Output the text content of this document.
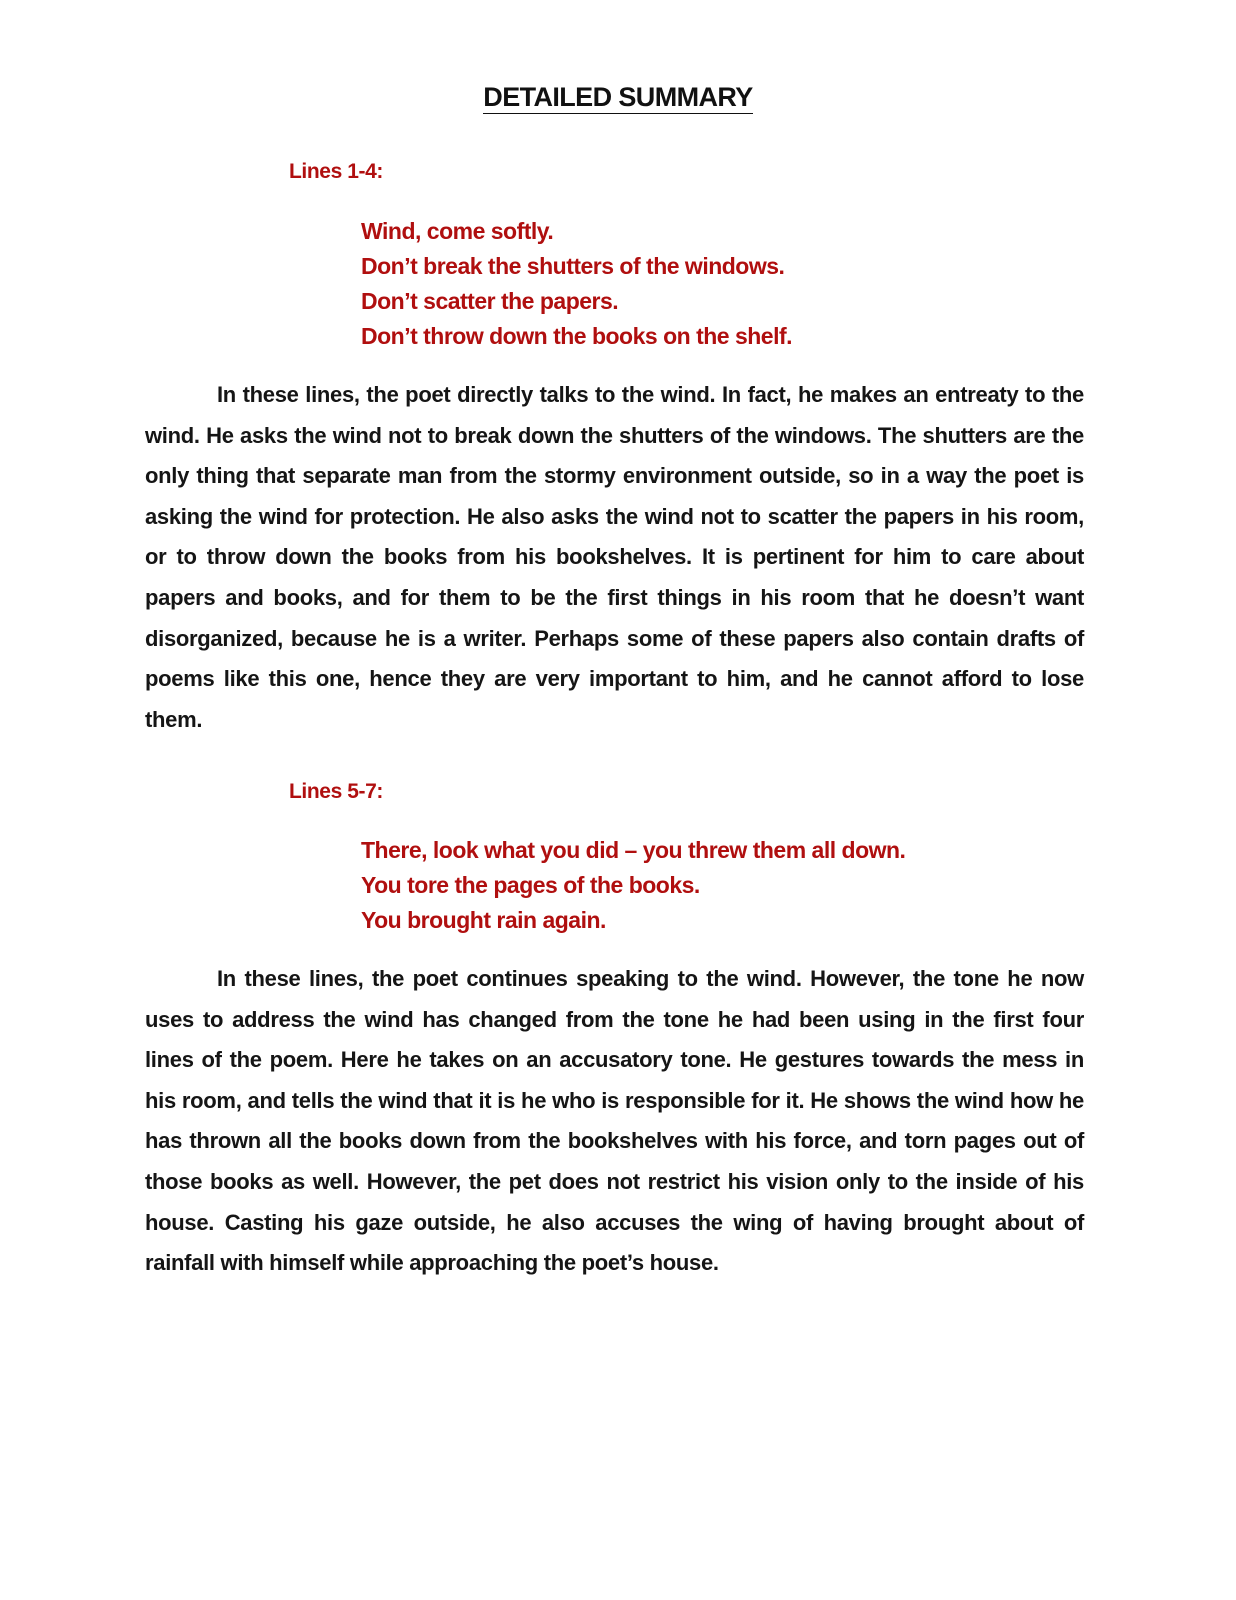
DETAILED SUMMARY
Lines 1-4:
Wind, come softly.
Don’t break the shutters of the windows.
Don’t scatter the papers.
Don’t throw down the books on the shelf.

In these lines, the poet directly talks to the wind. In fact, he makes an entreaty to the wind. He asks the wind not to break down the shutters of the windows. The shutters are the only thing that separate man from the stormy environment outside, so in a way the poet is asking the wind for protection. He also asks the wind not to scatter the papers in his room, or to throw down the books from his bookshelves. It is pertinent for him to care about papers and books, and for them to be the first things in his room that he doesn’t want disorganized, because he is a writer. Perhaps some of these papers also contain drafts of poems like this one, hence they are very important to him, and he cannot afford to lose them.

Lines 5-7:
There, look what you did – you threw them all down.
You tore the pages of the books.
You brought rain again.

In these lines, the poet continues speaking to the wind. However, the tone he now uses to address the wind has changed from the tone he had been using in the first four lines of the poem. Here he takes on an accusatory tone. He gestures towards the mess in his room, and tells the wind that it is he who is responsible for it. He shows the wind how he has thrown all the books down from the bookshelves with his force, and torn pages out of those books as well. However, the pet does not restrict his vision only to the inside of his house. Casting his gaze outside, he also accuses the wing of having brought about of rainfall with himself while approaching the poet’s house.
